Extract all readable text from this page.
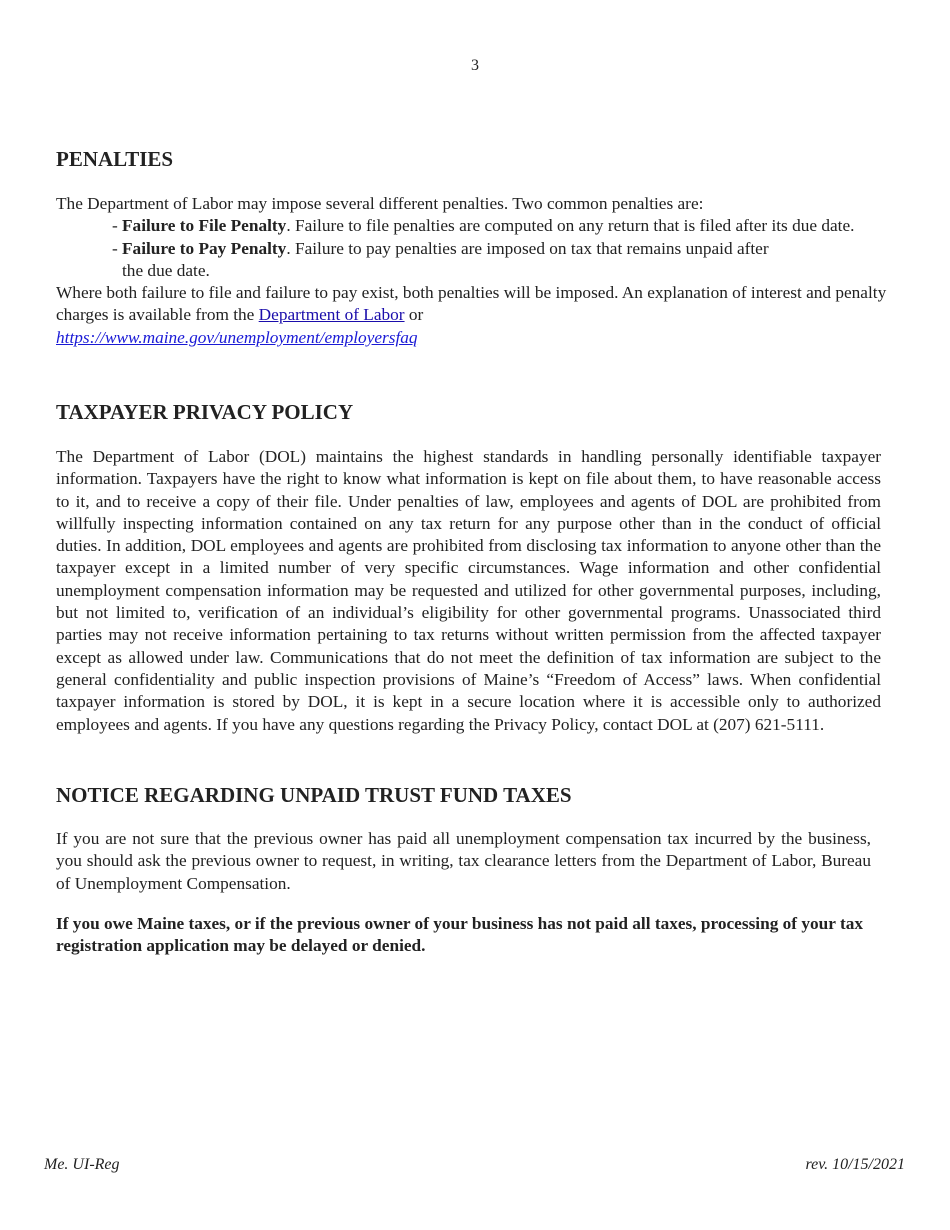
3
PENALTIES

The Department of Labor may impose several different penalties. Two common penalties are:

- Failure to File Penalty. Failure to file penalties are computed on any return that is filed after its due date.
- Failure to Pay Penalty. Failure to pay penalties are imposed on tax that remains unpaid after the due date.

Where both failure to file and failure to pay exist, both penalties will be imposed. An explanation of interest and penalty charges is available from the Department of Labor or
https://www.maine.gov/unemployment/employersfaq

TAXPAYER PRIVACY POLICY

The Department of Labor (DOL) maintains the highest standards in handling personally identifiable taxpayer information. Taxpayers have the right to know what information is kept on file about them, to have reasonable access to it, and to receive a copy of their file. Under penalties of law, employees and agents of DOL are prohibited from willfully inspecting information contained on any tax return for any purpose other than in the conduct of official duties. In addition, DOL employees and agents are prohibited from disclosing tax information to anyone other than the taxpayer except in a limited number of very specific circumstances. Wage information and other confidential unemployment compensation information may be requested and utilized for other governmental purposes, including, but not limited to, verification of an individual’s eligibility for other governmental programs. Unassociated third parties may not receive information pertaining to tax returns without written permission from the affected taxpayer except as allowed under law. Communications that do not meet the definition of tax information are subject to the general confidentiality and public inspection provisions of Maine’s “Freedom of Access” laws. When confidential taxpayer information is stored by DOL, it is kept in a secure location where it is accessible only to authorized employees and agents. If you have any questions regarding the Privacy Policy, contact DOL at (207) 621-5111.

NOTICE REGARDING UNPAID TRUST FUND TAXES

If you are not sure that the previous owner has paid all unemployment compensation tax incurred by the business, you should ask the previous owner to request, in writing, tax clearance letters from the Department of Labor, Bureau of Unemployment Compensation.

If you owe Maine taxes, or if the previous owner of your business has not paid all taxes, processing of your tax registration application may be delayed or denied.

Me. UI-Reg	rev. 10/15/2021
